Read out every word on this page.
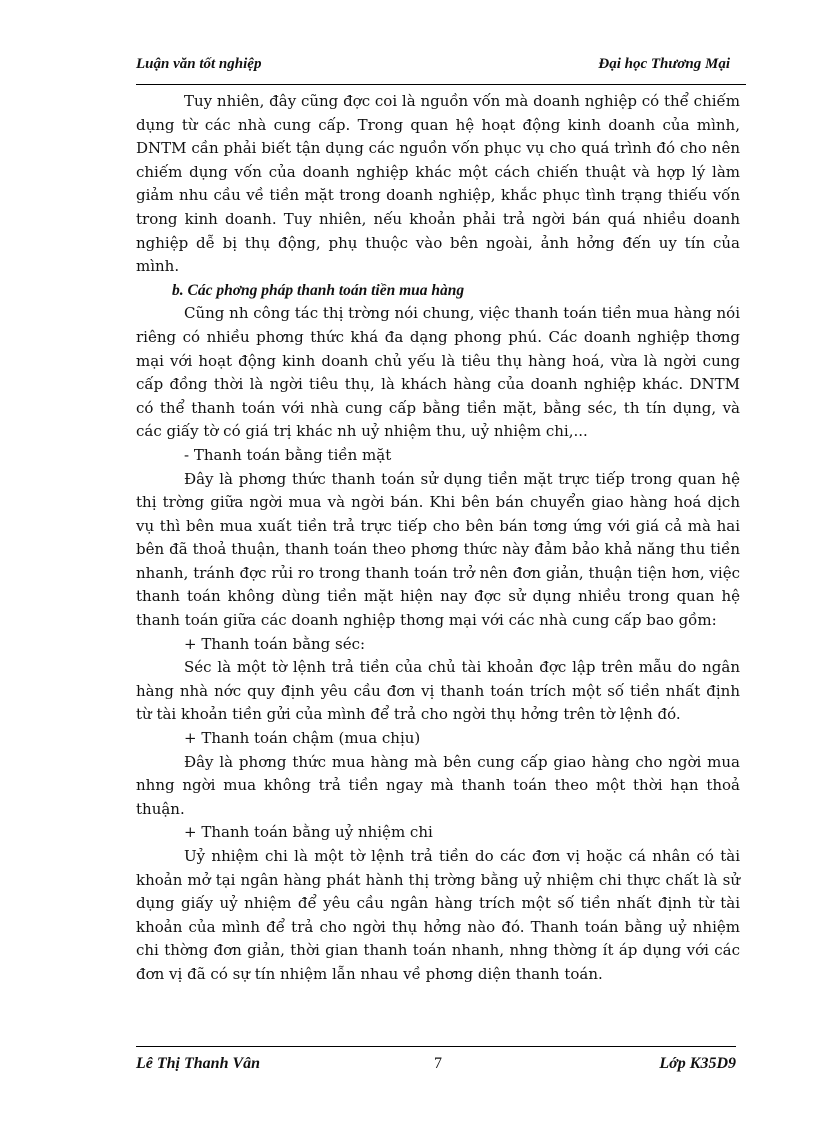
Luận văn tốt nghiệp	Đại học Thương Mại

Tuy nhiên, đây cũng đợc coi là nguồn vốn mà doanh nghiệp có thể chiếm dụng từ các nhà cung cấp. Trong quan hệ hoạt động kinh doanh của mình, DNTM cần phải biết tận dụng các nguồn vốn phục vụ cho quá trình đó cho nên chiếm dụng vốn của doanh nghiệp khác một cách chiến thuật và hợp lý làm giảm nhu cầu về tiền mặt trong doanh nghiệp, khắc phục tình trạng thiếu vốn trong kinh doanh. Tuy nhiên, nếu khoản phải trả ngời bán quá nhiều doanh nghiệp dễ bị thụ động, phụ thuộc vào bên ngoài, ảnh hởng đến uy tín của mình.

b. Các phơng pháp thanh toán tiền mua hàng

Cũng nh công tác thị trờng nói chung, việc thanh toán tiền mua hàng nói riêng có nhiều phơng thức khá đa dạng phong phú. Các doanh nghiệp thơng mại với hoạt động kinh doanh chủ yếu là tiêu thụ hàng hoá, vừa là ngời cung cấp đồng thời là ngời tiêu thụ, là khách hàng của doanh nghiệp khác. DNTM có thể thanh toán với nhà cung cấp bằng tiền mặt, bằng séc, th tín dụng, và các giấy tờ có giá trị khác nh uỷ nhiệm thu, uỷ nhiệm chi,...

- Thanh toán bằng tiền mặt

Đây là phơng thức thanh toán sử dụng tiền mặt trực tiếp trong quan hệ thị trờng giữa ngời mua và ngời bán. Khi bên bán chuyển giao hàng hoá dịch vụ thì bên mua xuất tiền trả trực tiếp cho bên bán tơng ứng với giá cả mà hai bên đã thoả thuận, thanh toán theo phơng thức này đảm bảo khả năng thu tiền nhanh, tránh đợc rủi ro trong thanh toán trở nên đơn giản, thuận tiện hơn, việc thanh toán không dùng tiền mặt hiện nay đợc sử dụng nhiều trong quan hệ thanh toán giữa các doanh nghiệp thơng mại với các nhà cung cấp bao gồm:

+ Thanh toán bằng séc:

Séc là một tờ lệnh trả tiền của chủ tài khoản đợc lập trên mẫu do ngân hàng nhà nớc quy định yêu cầu đơn vị thanh toán trích một số tiền nhất định từ tài khoản tiền gửi của mình để trả cho ngời thụ hởng trên tờ lệnh đó.

+ Thanh toán chậm (mua chịu)

Đây là phơng thức mua hàng mà bên cung cấp giao hàng cho ngời mua nhng ngời mua không trả tiền ngay mà thanh toán theo một thời hạn thoả thuận.

+ Thanh toán bằng uỷ nhiệm chi

Uỷ nhiệm chi là một tờ lệnh trả tiền do các đơn vị hoặc cá nhân có tài khoản mở tại ngân hàng phát hành thị trờng bằng uỷ nhiệm chi thực chất là sử dụng giấy uỷ nhiệm để yêu cầu ngân hàng trích một số tiền nhất định từ tài khoản của mình để trả cho ngời thụ hởng nào đó. Thanh toán bằng uỷ nhiệm chi thờng đơn giản, thời gian thanh toán nhanh, nhng thờng ít áp dụng với các đơn vị đã có sự tín nhiệm lẫn nhau về phơng diện thanh toán.

Lê Thị Thanh Vân	7	Lớp K35D9
